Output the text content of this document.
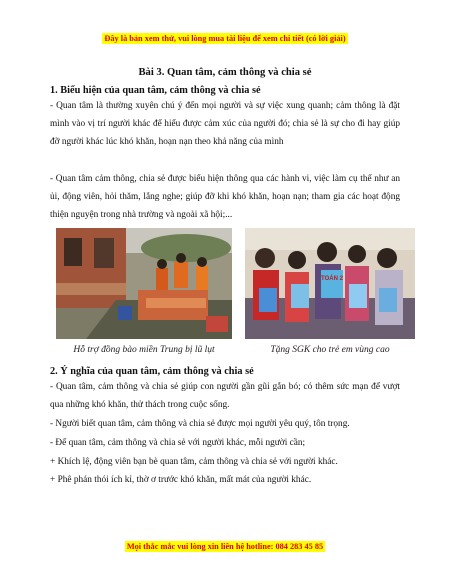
Đây là bản xem thử, vui lòng mua tài liệu để xem chi tiết (có lời giải)
Bài 3. Quan tâm, cảm thông và chia sẻ
1. Biểu hiện của quan tâm, cảm thông và chia sẻ

- Quan tâm là thường xuyên chú ý đến mọi người và sự việc xung quanh; cảm thông là đặt mình vào vị trí người khác để hiểu được cảm xúc của người đó; chia sẻ là sự cho đi hay giúp đỡ người khác lúc khó khăn, hoạn nạn theo khả năng của mình

- Quan tâm cảm thông, chia sẻ được biểu hiện thông qua các hành vi, việc làm cụ thể như an ủi, động viên, hỏi thăm, lắng nghe; giúp đỡ khi khó khăn, hoạn nạn; tham gia các hoạt động thiện nguyện trong nhà trường và ngoài xã hội;...

TOÁN 2
Hỗ trợ đồng bào miền Trung bị lũ lụt	Tặng SGK cho trẻ em vùng cao
2. Ý nghĩa của quan tâm, cảm thông và chia sẻ

- Quan tâm, cảm thông và chia sẻ giúp con người gần gũi gắn bó; có thêm sức mạn để vượt qua những khó khăn, thử thách trong cuộc sống.

- Người biết quan tâm, cảm thông và chia sẻ được mọi người yêu quý, tôn trọng.
- Để quan tâm, cảm thông và chia sẻ với người khác, mỗi người cần;
+ Khích lệ, động viên bạn bè quan tâm, cảm thông và chia sẻ với người khác.
+ Phê phán thói ích kỉ, thờ ơ trước khó khăn, mất mát của người khác.
Mọi thắc mắc vui lòng xin liên hệ hotline: 084 283 45 85
